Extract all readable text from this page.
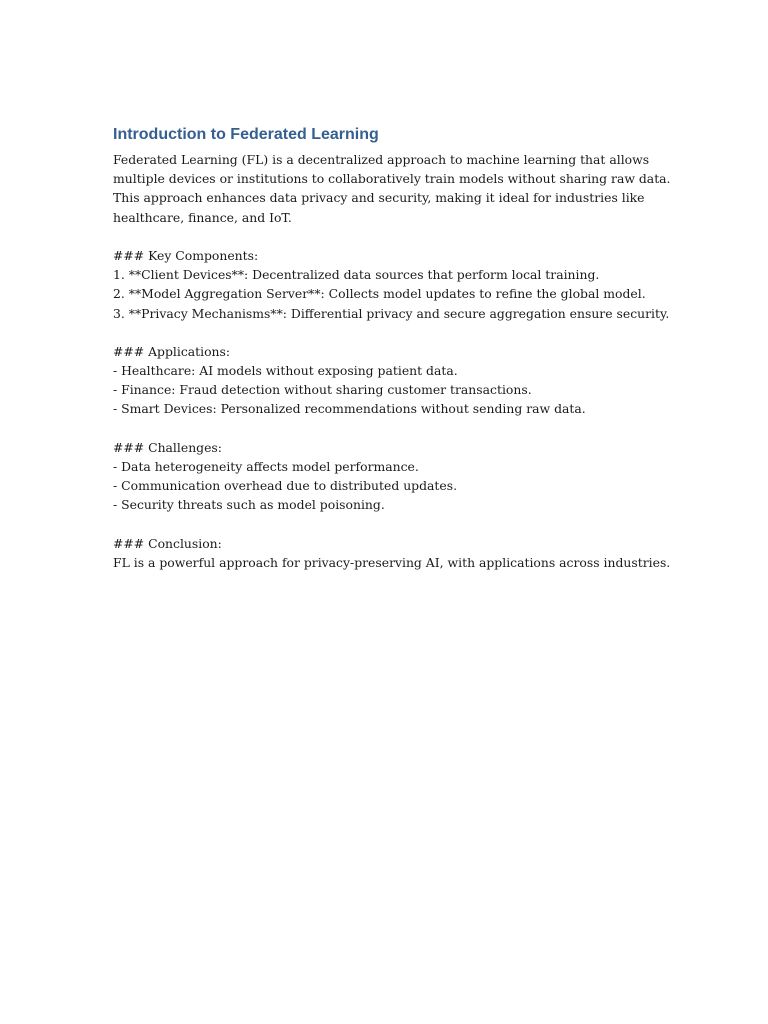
Introduction to Federated Learning
Federated Learning (FL) is a decentralized approach to machine learning that allows
multiple devices or institutions to collaboratively train models without sharing raw data.
This approach enhances data privacy and security, making it ideal for industries like
healthcare, finance, and IoT.
### Key Components:
1. **Client Devices**: Decentralized data sources that perform local training.
2. **Model Aggregation Server**: Collects model updates to refine the global model.
3. **Privacy Mechanisms**: Differential privacy and secure aggregation ensure security.
### Applications:
- Healthcare: AI models without exposing patient data.
- Finance: Fraud detection without sharing customer transactions.
- Smart Devices: Personalized recommendations without sending raw data.
### Challenges:
- Data heterogeneity affects model performance.
- Communication overhead due to distributed updates.
- Security threats such as model poisoning.
### Conclusion:
FL is a powerful approach for privacy-preserving AI, with applications across industries.
